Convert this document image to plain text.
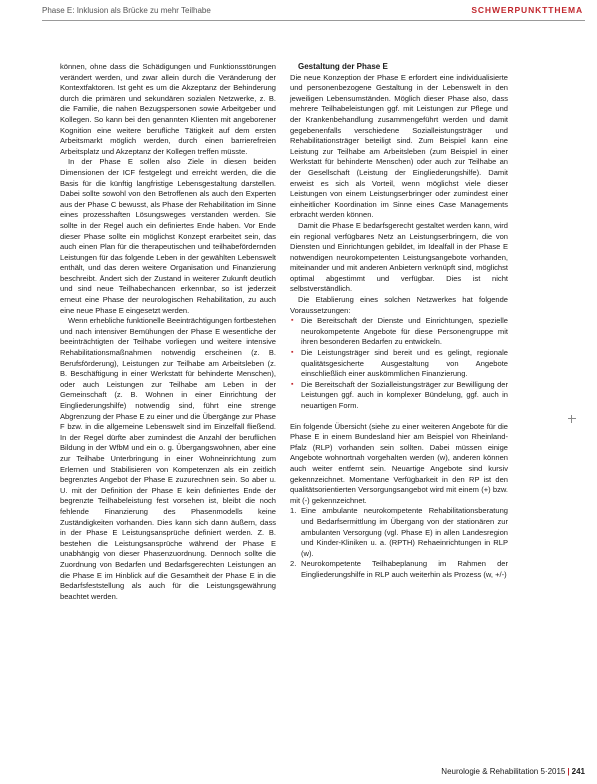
Phase E: Inklusion als Brücke zu mehr Teilhabe	SCHWERPUNKTTHEMA

können, ohne dass die Schädigungen und Funktionsstörungen verändert werden, und zwar allein durch die Veränderung der Kontextfaktoren. Ist geht es um die Akzeptanz der Behinderung durch die primären und sekundären sozialen Netzwerke, z. B. die Familie, die nahen Bezugspersonen sowie Arbeitgeber und Kollegen. So kann bei den genannten Klienten mit angeborener Kognition eine weitere berufliche Tätigkeit auf dem ersten Arbeitsmarkt möglich werden, durch einen barrierefreien Arbeitsplatz und Akzeptanz der Kollegen treffen müsste.

In der Phase E sollen also Ziele in diesen beiden Dimensionen der ICF festgelegt und erreicht werden, die die Basis für die künftig langfristige Lebensgestaltung darstellen. Dabei sollte sowohl von den Betroffenen als auch den Experten aus der Phase C bewusst, als Phase der Rehabilitation im Sinne eines prozesshaften Lösungsweges verstanden werden. Sie sollte in der Regel auch ein definiertes Ende haben. Vor Ende dieser Phase sollte ein möglichst Konzept erarbeitet sein, das auch einen Plan für die therapeutischen und teilhabefördernden Leistungen für das folgende Leben in der gewählten Lebenswelt enthält, und das deren weitere Organisation und Finanzierung beschreibt. Ändert sich der Zustand in weiterer Zukunft deutlich und sind neue Teilhabechancen erkennbar, so ist jederzeit erneut eine Phase der neurologischen Rehabilitation, zu auch eine neue Phase E eingesetzt werden.

Wenn erhebliche funktionelle Beeinträchtigungen fortbestehen und nach intensiver Bemühungen der Phase E wesentliche der beeinträchtigten der Teilhabe vorliegen und weitere intensive Rehabilitationsmaßnahmen notwendig erscheinen (z. B. Berufsförderung), Leistungen zur Teilhabe am Arbeitsleben (z. B. Beschäftigung in einer Werkstatt für behinderte Menschen), oder auch Leistungen zur Teilhabe am Leben in der Gemeinschaft (z. B. Wohnen in einer Einrichtung der Eingliederungshilfe) notwendig sind, führt eine strenge Abgrenzung der Phase E zu einer und die Übergänge zur Phase F bzw. in die allgemeine Lebenswelt sind im Einzelfall fließend. In der Regel dürfte aber zumindest die Anzahl der beruflichen Bildung in der WfbM und ein o. g. Übergangswohnen, aber eine zur Teilhabe Unterbringung in einer Wohneinrichtung zum Erlernen und Stabilisieren von Kompetenzen als ein zeitlich begrenztes Angebot der Phase E zuzurechnen sein. So aber u. U. mit der Definition der Phase E kein definiertes Ende der begrenzte Teilhabeleistung fest vorsehen ist, bleibt die noch fehlende Finanzierung des Phasenmodells keine Zuständigkeiten vorhanden. Dies kann sich dann äußern, dass in der Phase E Leistungsansprüche definiert werden. Z. B. bestehen die Leistungsansprüche während der Phase E unabhängig von dieser Phasenzuordnung. Dennoch sollte die Zuordnung von Bedarfen und Bedarfsgerechten Leistungen an die Phase E im Hinblick auf die Gesamtheit der Phase E in die Bedarfsfeststellung als auch für die Leistungsgewährung beachtet werden.

Gestaltung der Phase E

Die neue Konzeption der Phase E erfordert eine individualisierte und personenbezogene Gestaltung in der Lebenswelt in den jeweiligen Lebensumständen. Möglich dieser Phase also, dass mehrere Teilhabeleistungen ggf. mit Leistungen zur Pflege und der Krankenbehandlung zusammengeführt werden und damit gegebenenfalls verschiedene Sozialleistungsträger und Rehabilitationsträger beteiligt sind. Zum Beispiel kann eine Leistung zur Teilhabe am Arbeitsleben (zum Beispiel in einer Werkstatt für behinderte Menschen) oder auch zur Teilhabe an der Gesellschaft (Leistung der Eingliederungshilfe). Damit erweist es sich als Vorteil, wenn möglichst viele dieser Leistungen von einem Leistungserbringer oder zumindest einer einheitlicher Koordination im Sinne eines Case Managements erbracht werden können.

Damit die Phase E bedarfsgerecht gestaltet werden kann, wird ein regional verfügbares Netz an Leistungserbringern, die von Diensten und Einrichtungen gebildet, im Idealfall in der Phase E notwendigen neurokompetenten Leistungsangebote vorhanden, miteinander und mit anderen Anbietern verknüpft sind, möglichst optimal abgestimmt und verfügbar. Dies ist nicht selbstverständlich.

Die Etablierung eines solchen Netzwerkes hat folgende Voraussetzungen:

▪ Die Bereitschaft der Dienste und Einrichtungen, spezielle neurokompetente Angebote für diese Personengruppe mit ihren besonderen Bedarfen zu entwickeln.
▪ Die Leistungsträger sind bereit und es gelingt, regionale qualitätsgesicherte Ausgestaltung von Angebote einschließlich einer auskömmlichen Finanzierung.
▪ Die Bereitschaft der Sozialleistungsträger zur Bewilligung der Leistungen ggf. auch in komplexer Bündelung, ggf. auch in neuartigen Form.

Ein folgende Übersicht (siehe zu einer weiteren Angebote für die Phase E in einem Bundesland hier am Beispiel von Rheinland-Pfalz (RLP) vorhanden sein sollten. Dabei müssen einige Angebote wohnortnah vorgehalten werden (w), anderen können auch weiter entfernt sein. Neuartige Angebote sind kursiv gekennzeichnet. Momentane Verfügbarkeit in den RP ist den qualitätsorientierten Versorgungsangebot wird mit einem (+) bzw. mit (-) gekennzeichnet.

1. Eine ambulante neurokompetente Rehabilitationsberatung und Bedarfsermittlung im Übergang von der stationären zur ambulanten Versorgung (vgl. Phase E) in allen Landesregion und Kinder-Kliniken u. a. (RPTH) Rehaeinrichtungen in RLP (w).
2. Neurokompetente Teilhabeplanung im Rahmen der Eingliederungshilfe in RLP auch weiterhin als Prozess (w, +/-)
Neurologie & Rehabilitation 5·2015 | 241
